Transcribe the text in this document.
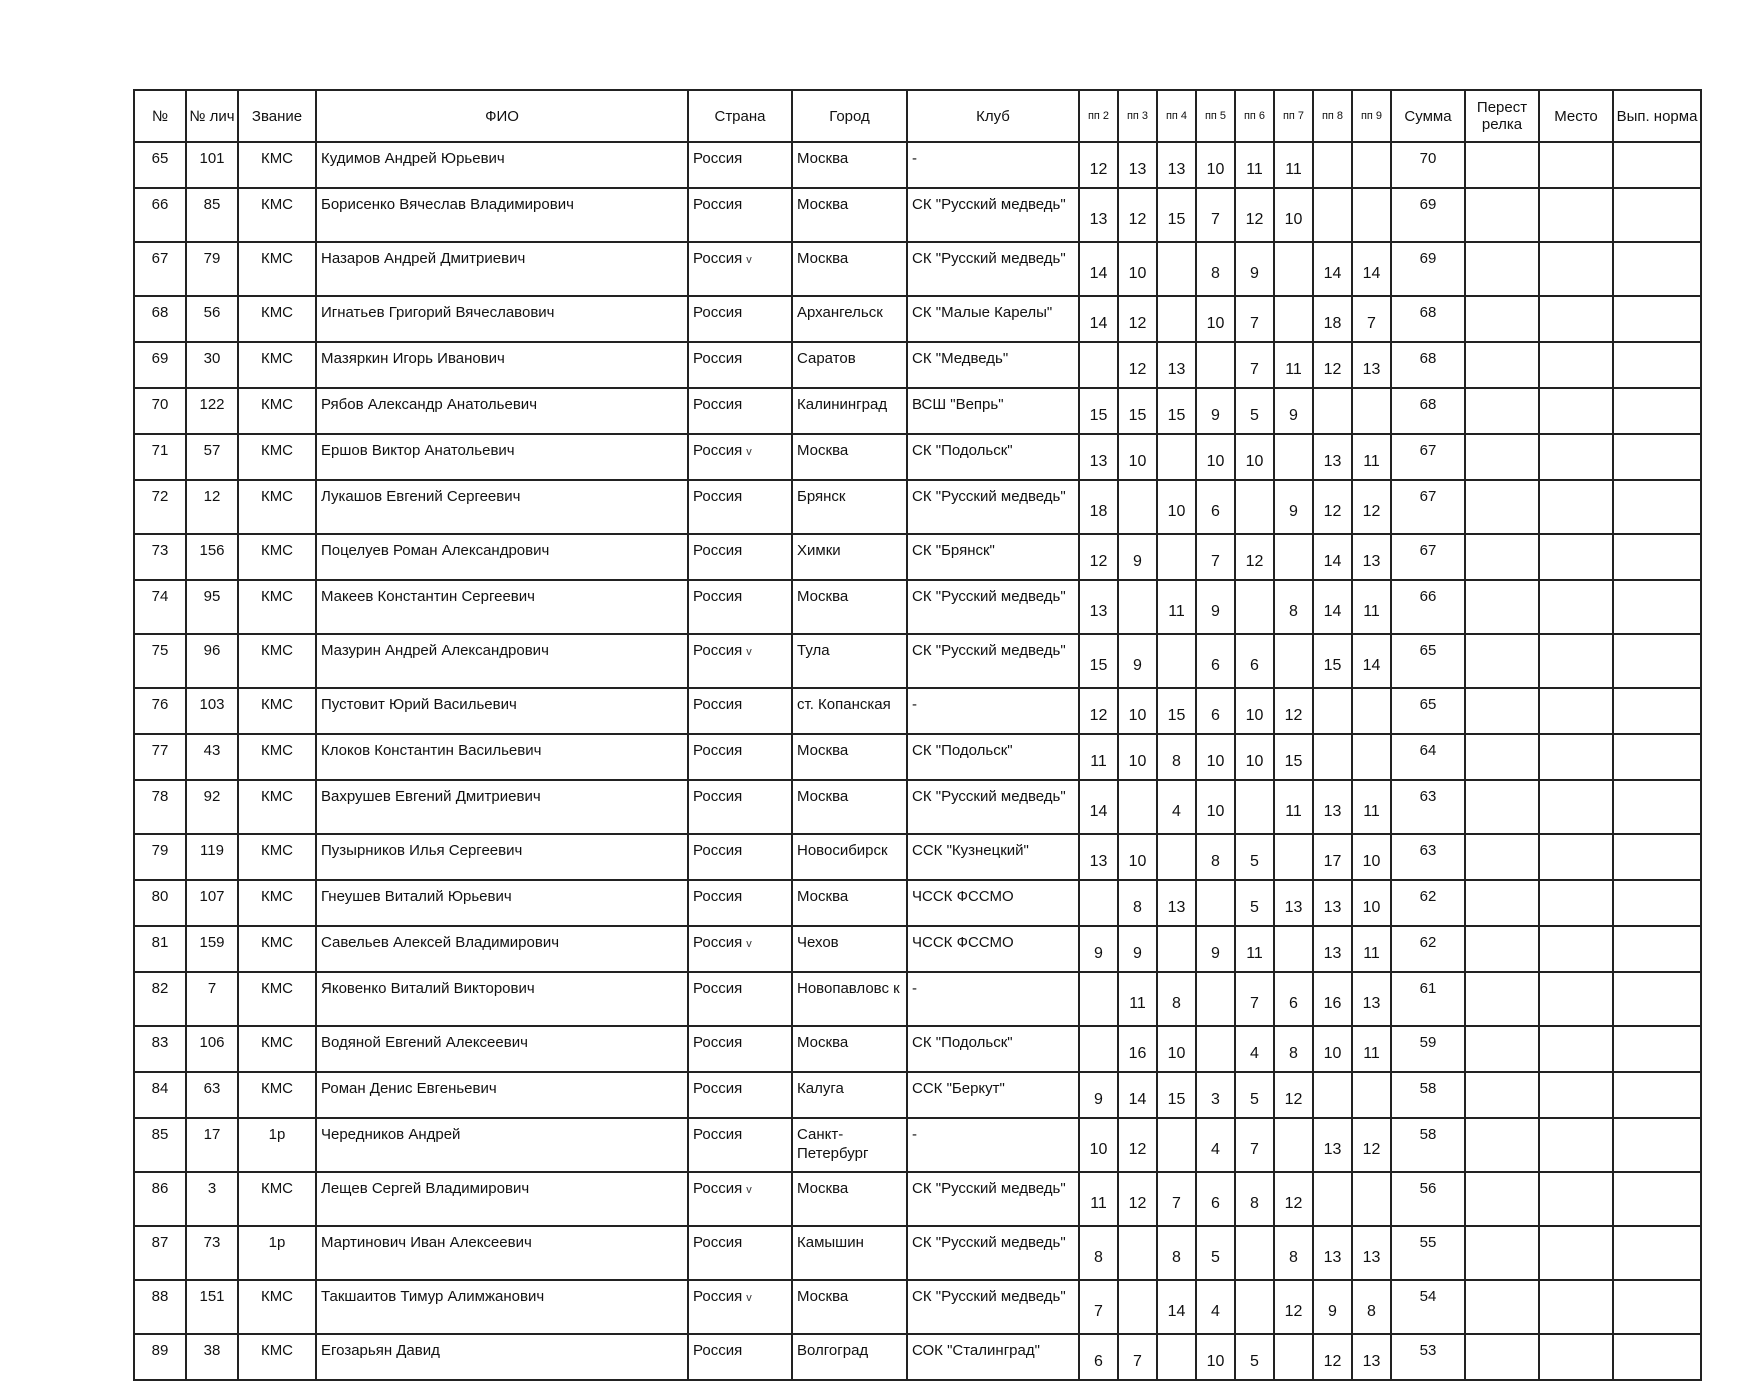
№	№ лич	Звание	ФИО	Страна	Город	Клуб	пп 2	пп 3	пп 4	пп 5	пп 6	пп 7	пп 8	пп 9	Сумма	Перест релка	Место	Вып. норма
65	101	КМС	Кудимов Андрей Юрьевич	Россия	Москва	-	12	13	13	10	11	11			70			
66	85	КМС	Борисенко Вячеслав Владимирович	Россия	Москва	СК "Русский медведь"	13	12	15	7	12	10			69			
67	79	КМС	Назаров Андрей Дмитриевич	Россия v	Москва	СК "Русский медведь"	14	10		8	9		14	14	69			
68	56	КМС	Игнатьев Григорий Вячеславович	Россия	Архангельск	СК "Малые Карелы"	14	12		10	7		18	7	68			
69	30	КМС	Мазяркин Игорь Иванович	Россия	Саратов	СК "Медведь"		12	13		7	11	12	13	68			
70	122	КМС	Рябов Александр Анатольевич	Россия	Калининград	ВСШ "Вепрь"	15	15	15	9	5	9			68			
71	57	КМС	Ершов Виктор Анатольевич	Россия v	Москва	СК "Подольск"	13	10		10	10		13	11	67			
72	12	КМС	Лукашов Евгений Сергеевич	Россия	Брянск	СК "Русский медведь"	18		10	6		9	12	12	67			
73	156	КМС	Поцелуев Роман Александрович	Россия	Химки	СК "Брянск"	12	9		7	12		14	13	67			
74	95	КМС	Макеев Константин Сергеевич	Россия	Москва	СК "Русский медведь"	13		11	9		8	14	11	66			
75	96	КМС	Мазурин Андрей Александрович	Россия v	Тула	СК "Русский медведь"	15	9		6	6		15	14	65			
76	103	КМС	Пустовит Юрий Васильевич	Россия	ст. Копанская	-	12	10	15	6	10	12			65			
77	43	КМС	Клоков Константин Васильевич	Россия	Москва	СК "Подольск"	11	10	8	10	10	15			64			
78	92	КМС	Вахрушев Евгений Дмитриевич	Россия	Москва	СК "Русский медведь"	14		4	10		11	13	11	63			
79	119	КМС	Пузырников Илья Сергеевич	Россия	Новосибирск	ССК "Кузнецкий"	13	10		8	5		17	10	63			
80	107	КМС	Гнеушев Виталий Юрьевич	Россия	Москва	ЧССК ФССМО		8	13		5	13	13	10	62			
81	159	КМС	Савельев Алексей Владимирович	Россия v	Чехов	ЧССК ФССМО	9	9		9	11		13	11	62			
82	7	КМС	Яковенко Виталий Викторович	Россия	Новопавловс к	-		11	8		7	6	16	13	61			
83	106	КМС	Водяной Евгений Алексеевич	Россия	Москва	СК "Подольск"		16	10		4	8	10	11	59			
84	63	КМС	Роман Денис Евгеньевич	Россия	Калуга	ССК "Беркут"	9	14	15	3	5	12			58			
85	17	1р	Чередников Андрей	Россия	Санкт-Петербург	-	10	12		4	7		13	12	58			
86	3	КМС	Лещев Сергей Владимирович	Россия v	Москва	СК "Русский медведь"	11	12	7	6	8	12			56			
87	73	1р	Мартинович Иван Алексеевич	Россия	Камышин	СК "Русский медведь"	8		8	5		8	13	13	55			
88	151	КМС	Такшаитов Тимур Алимжанович	Россия v	Москва	СК "Русский медведь"	7		14	4		12	9	8	54			
89	38	КМС	Егозарьян Давид	Россия	Волгоград	СОК "Сталинград"	6	7		10	5		12	13	53			
